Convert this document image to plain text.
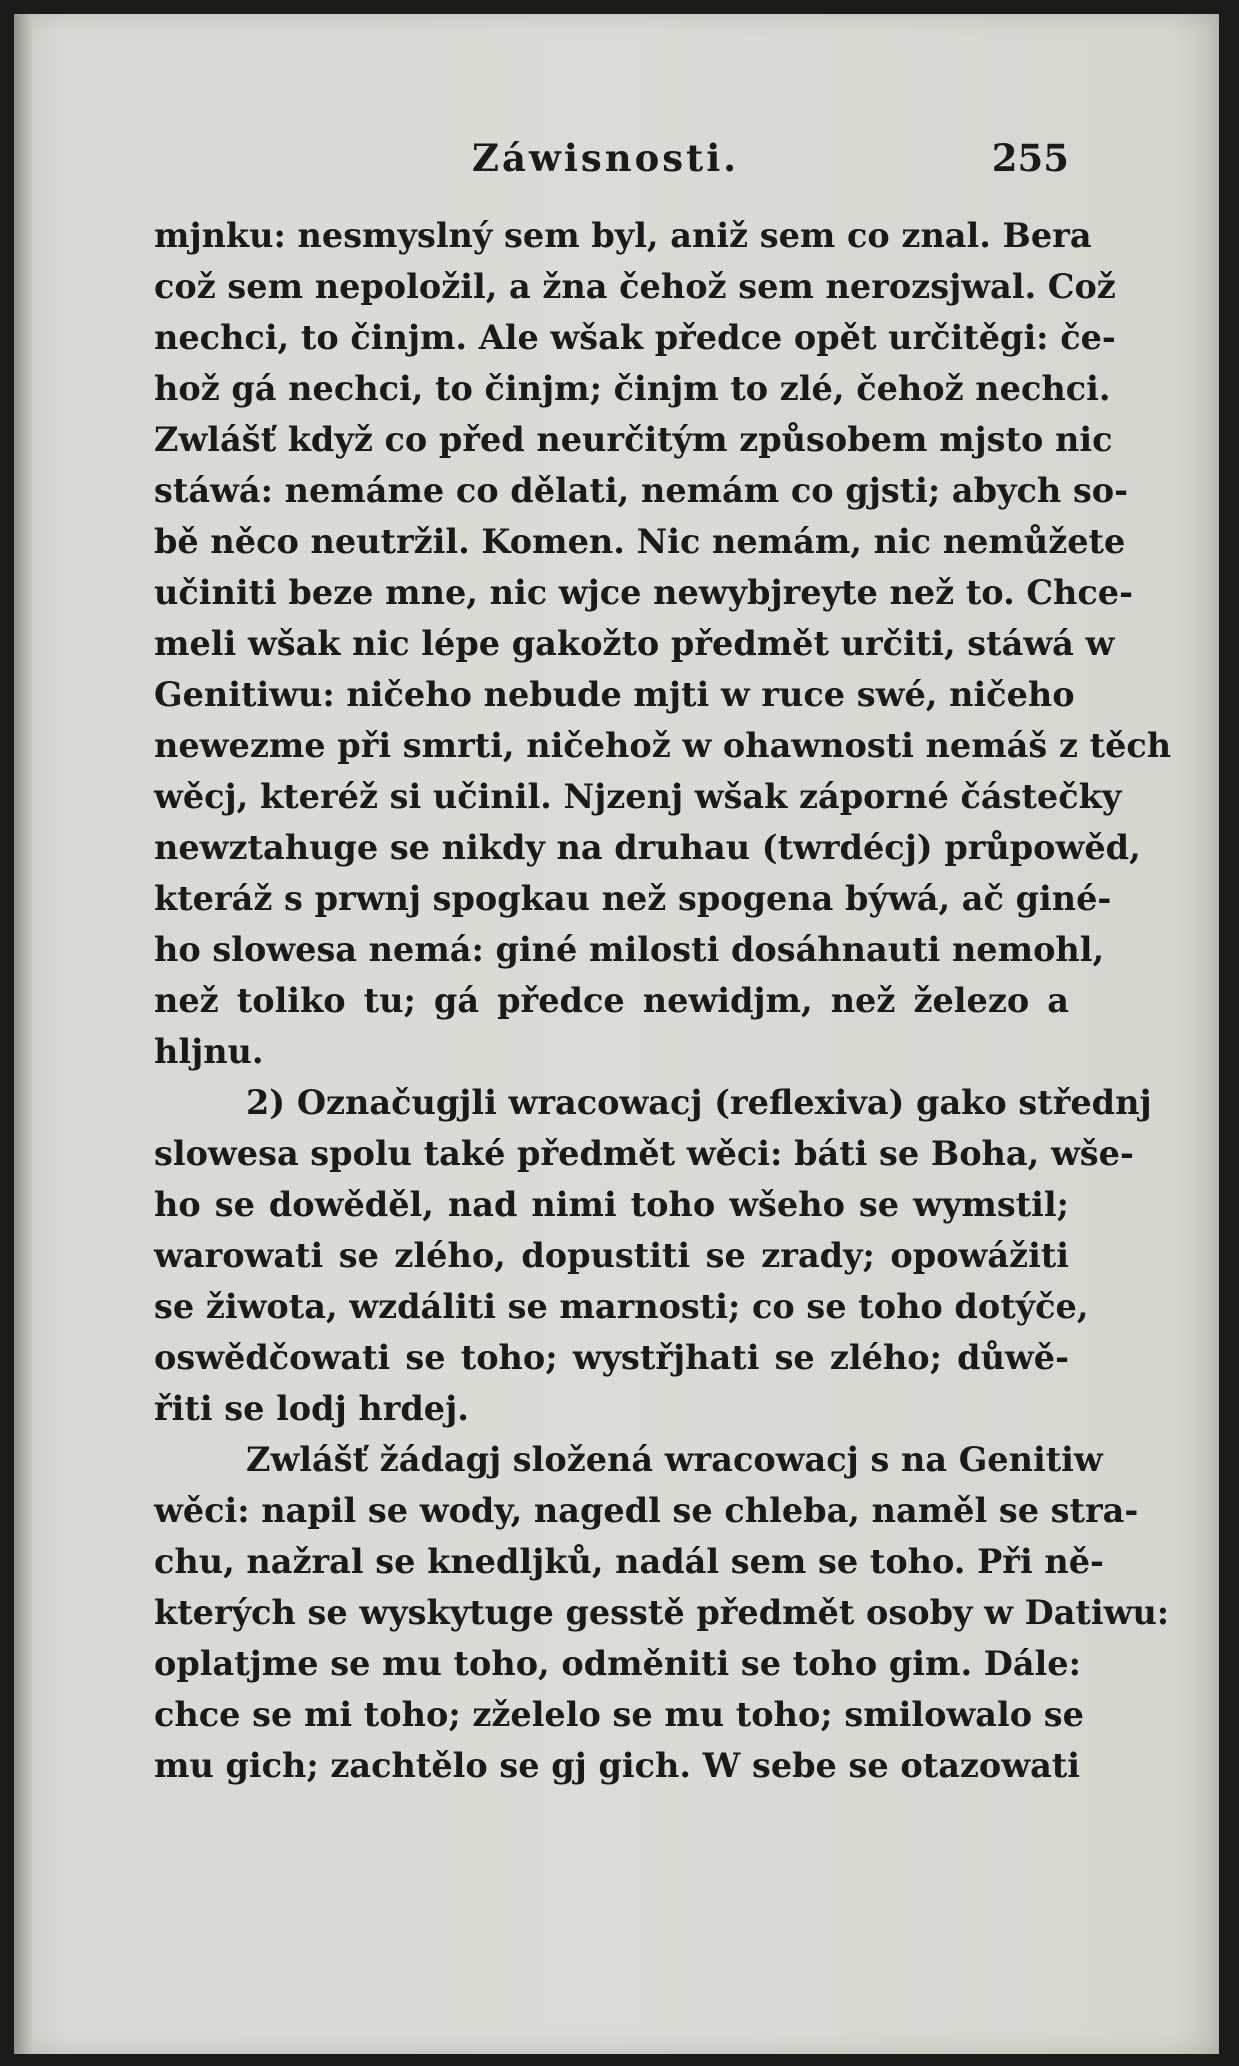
Záwisnosti.	255
mjnku: nesmyslný sem byl, aniž sem co znal. Bera
což sem nepoložil, a žna čehož sem nerozsjwal. Což
nechci, to činjm. Ale wšak předce opět určitěgi: če-
hož gá nechci, to činjm; činjm to zlé, čehož nechci.
Zwlášť když co před neurčitým způsobem mjsto nic
stáwá: nemáme co dělati, nemám co gjsti; abych so-
bě něco neutržil. Komen. Nic nemám, nic nemůžete
učiniti beze mne, nic wjce newybjreyte než to. Chce-
meli wšak nic lépe gakožto předmět určiti, stáwá w
Genitiwu: ničeho nebude mjti w ruce swé, ničeho
newezme při smrti, ničehož w ohawnosti nemáš z těch
wěcj, kteréž si učinil. Njzenj wšak záporné částečky
newztahuge se nikdy na druhau (twrdécj) průpowěd,
kteráž s prwnj spogkau než spogena býwá, ač giné-
ho slowesa nemá: giné milosti dosáhnauti nemohl,
než toliko tu; gá předce newidjm, než železo a
hljnu.
2) Označugjli wracowacj (reflexiva) gako střednj
slowesa spolu také předmět wěci: báti se Boha, wše-
ho se dowěděl, nad nimi toho wšeho se wymstil;
warowati se zlého, dopustiti se zrady; opowážiti
se žiwota, wzdáliti se marnosti; co se toho dotýče,
oswědčowati se toho; wystřjhati se zlého; důwě-
řiti se lodj hrdej.
Zwlášť žádagj složená wracowacj s na Genitiw
wěci: napil se wody, nagedl se chleba, naměl se stra-
chu, nažral se knedljků, nadál sem se toho. Při ně-
kterých se wyskytuge gesstě předmět osoby w Datiwu:
oplatjme se mu toho, odměniti se toho gim. Dále:
chce se mi toho; zželelo se mu toho; smilowalo se
mu gich; zachtělo se gj gich. W sebe se otazowati
